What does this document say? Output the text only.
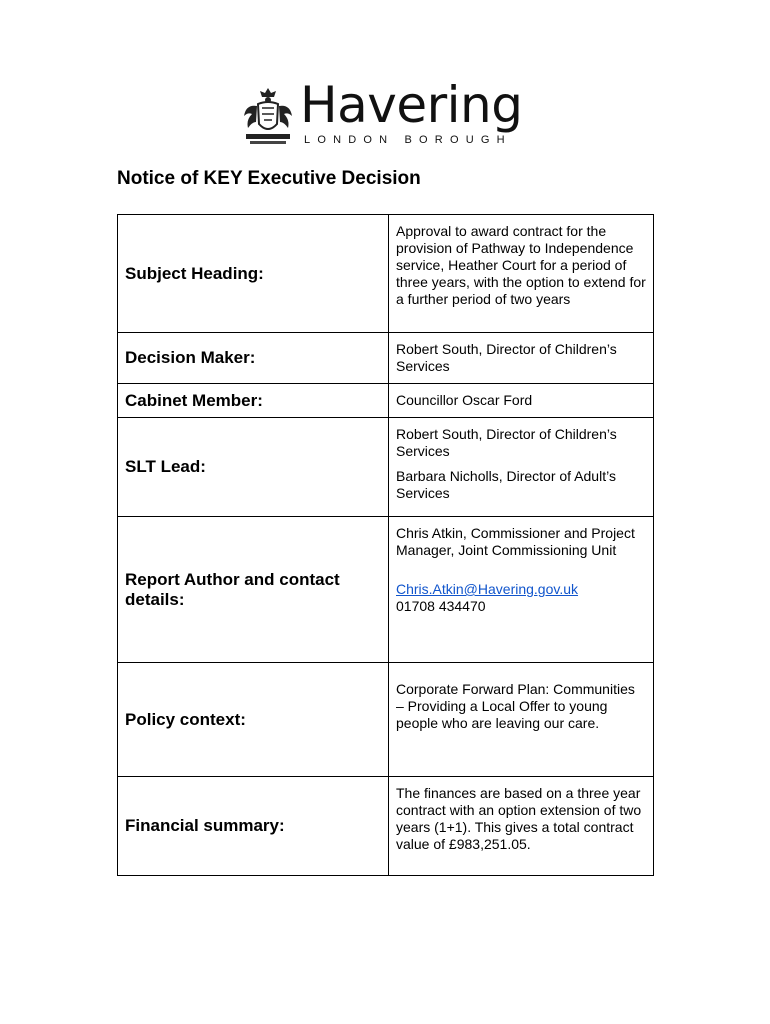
Havering
LONDON BOROUGH
Notice of KEY Executive Decision
Subject Heading:	Approval to award contract for the provision of Pathway to Independence service, Heather Court for a period of three years, with the option to extend for a further period of two years

Decision Maker:	Robert South, Director of Children’s Services

Cabinet Member:	Councillor Oscar Ford

SLT Lead:	Robert South, Director of Children’s Services

Barbara Nicholls, Director of Adult’s Services

Report Author and contact details:	Chris Atkin, Commissioner and Project Manager, Joint Commissioning Unit

Chris.Atkin@Havering.gov.uk

01708 434470

Policy context:	Corporate Forward Plan: Communities – Providing a Local Offer to young people who are leaving our care.

Financial summary:	The finances are based on a three year contract with an option extension of two years (1+1). This gives a total contract value of £983,251.05.
